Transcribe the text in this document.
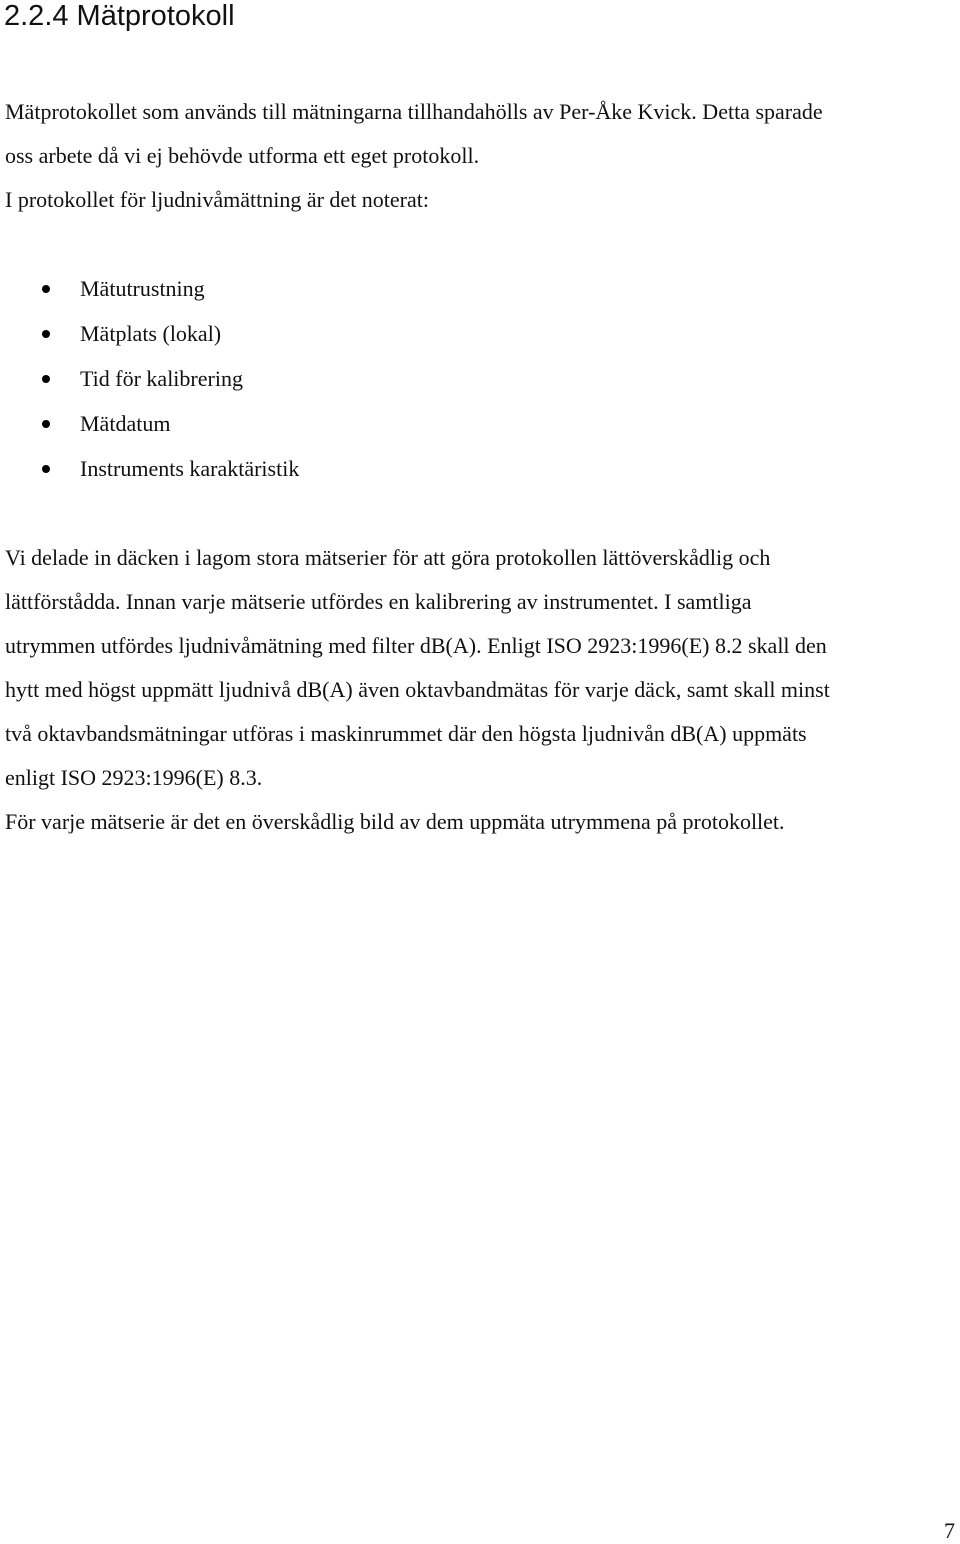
2.2.4 Mätprotokoll

Mätprotokollet som används till mätningarna tillhandahölls av Per-Åke Kvick. Detta sparade

oss arbete då vi ej behövde utforma ett eget protokoll.

I protokollet för ljudnivåmättning är det noterat:

Mätutrustning
Mätplats (lokal)
Tid för kalibrering
Mätdatum
Instruments karaktäristik
Vi delade in däcken i lagom stora mätserier för att göra protokollen lättöverskådlig och
lättförstådda. Innan varje mätserie utfördes en kalibrering av instrumentet. I samtliga
utrymmen utfördes ljudnivåmätning med filter dB(A). Enligt ISO 2923:1996(E) 8.2 skall den
hytt med högst uppmätt ljudnivå dB(A) även oktavbandmätas för varje däck, samt skall minst
två oktavbandsmätningar utföras i maskinrummet där den högsta ljudnivån dB(A) uppmäts
enligt ISO 2923:1996(E) 8.3.
För varje mätserie är det en överskådlig bild av dem uppmäta utrymmena på protokollet.

7
